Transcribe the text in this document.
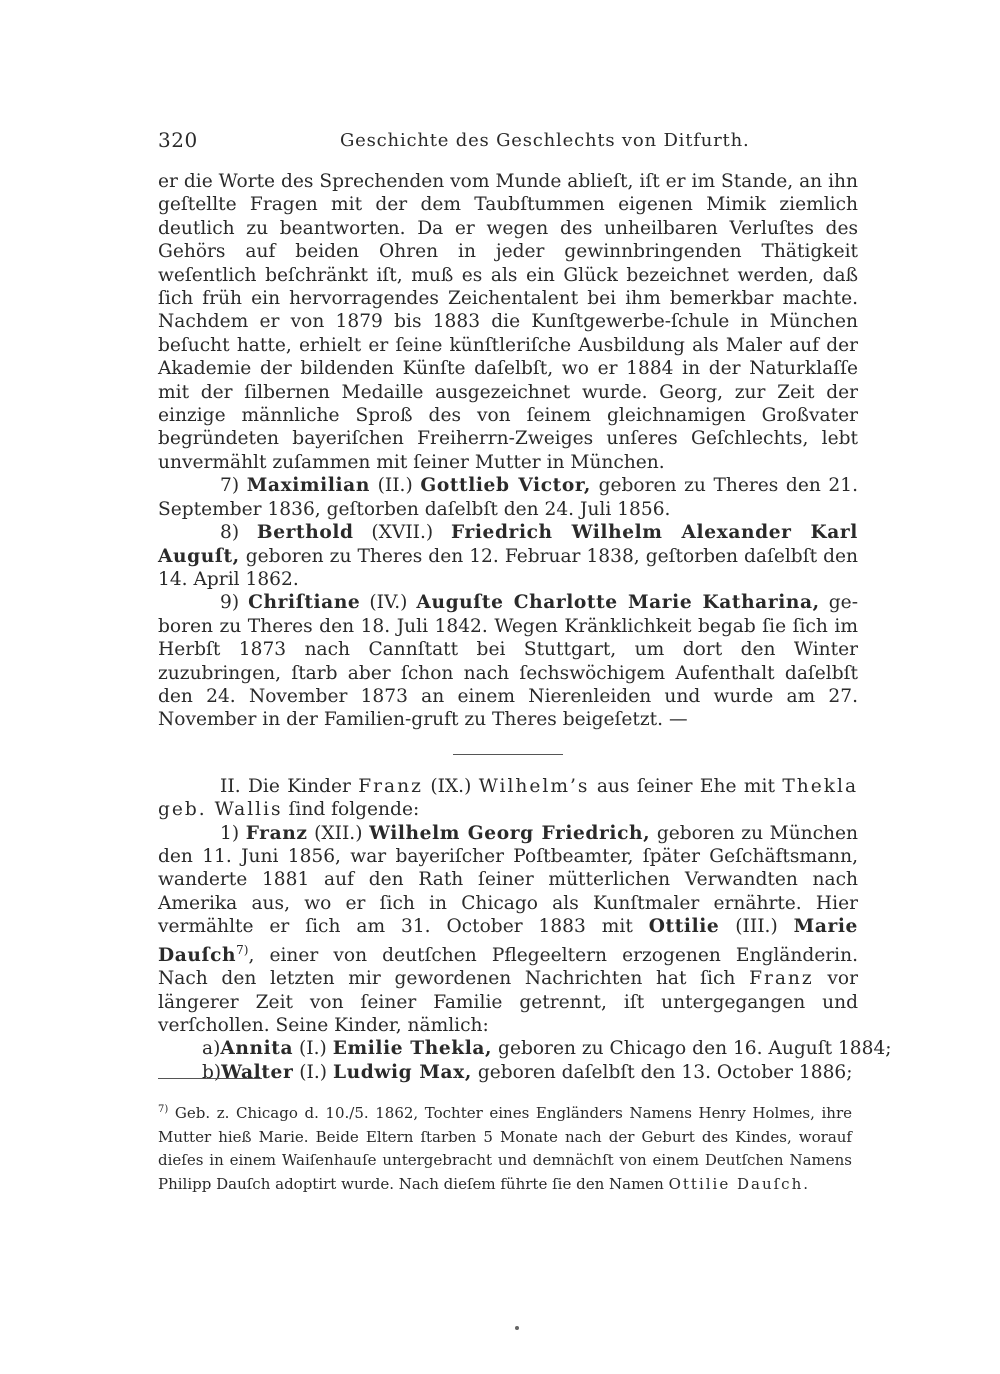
320	Geschichte des Geschlechts von Ditfurth.

er die Worte des Sprechenden vom Munde ablieſt, iſt er im Stande, an ihn geſtellte Fragen mit der dem Taubſtummen eigenen Mimik ziemlich deutlich zu beantworten. Da er wegen des unheilbaren Verluſtes des Gehörs auf beiden Ohren in jeder gewinnbringenden Thätigkeit weſentlich beſchränkt iſt, muß es als ein Glück bezeichnet werden, daß ſich früh ein hervorragendes Zeichentalent bei ihm bemerkbar machte. Nachdem er von 1879 bis 1883 die Kunſtgewerbe-ſchule in München beſucht hatte, erhielt er ſeine künſtleriſche Ausbildung als Maler auf der Akademie der bildenden Künſte daſelbſt, wo er 1884 in der Naturklaſſe mit der ſilbernen Medaille ausgezeichnet wurde. Georg, zur Zeit der einzige männliche Sproß des von ſeinem gleichnamigen Großvater begründeten bayeriſchen Freiherrn-Zweiges unſeres Geſchlechts, lebt unvermählt zuſammen mit ſeiner Mutter in München.

7) Maximilian (II.) Gottlieb Victor, geboren zu Theres den 21. September 1836, geſtorben daſelbſt den 24. Juli 1856.

8) Berthold (XVII.) Friedrich Wilhelm Alexander Karl Auguſt, geboren zu Theres den 12. Februar 1838, geſtorben daſelbſt den 14. April 1862.

9) Chriſtiane (IV.) Auguſte Charlotte Marie Katharina, ge-boren zu Theres den 18. Juli 1842. Wegen Kränklichkeit begab ſie ſich im Herbſt 1873 nach Cannſtatt bei Stuttgart, um dort den Winter zuzubringen, ſtarb aber ſchon nach ſechswöchigem Aufenthalt daſelbſt den 24. November 1873 an einem Nierenleiden und wurde am 27. November in der Familien-gruft zu Theres beigeſetzt. —

II. Die Kinder Franz (IX.) Wilhelm’s aus ſeiner Ehe mit Thekla geb. Wallis ſind folgende:

1) Franz (XII.) Wilhelm Georg Friedrich, geboren zu München den 11. Juni 1856, war bayeriſcher Poſtbeamter, ſpäter Geſchäftsmann, wanderte 1881 auf den Rath ſeiner mütterlichen Verwandten nach Amerika aus, wo er ſich in Chicago als Kunſtmaler ernährte. Hier vermählte er ſich am 31. October 1883 mit Ottilie (III.) Marie Dauſch$^{7)}$, einer von deutſchen Pflegeeltern erzogenen Engländerin. Nach den letzten mir gewordenen Nachrichten hat ſich Franz vor längerer Zeit von ſeiner Familie getrennt, iſt untergegangen und verſchollen. Seine Kinder, nämlich:

a)Annita (I.) Emilie Thekla, geboren zu Chicago den 16. Auguſt 1884;
b)Walter (I.) Ludwig Max, geboren daſelbſt den 13. October 1886;

$^{7)}$ Geb. z. Chicago d. 10./5. 1862, Tochter eines Engländers Namens Henry Holmes, ihre Mutter hieß Marie. Beide Eltern ſtarben 5 Monate nach der Geburt des Kindes, worauf dieſes in einem Waiſenhauſe untergebracht und demnächſt von einem Deutſchen Namens Philipp Dauſch adoptirt wurde. Nach dieſem führte ſie den Namen Ottilie Dauſch.
